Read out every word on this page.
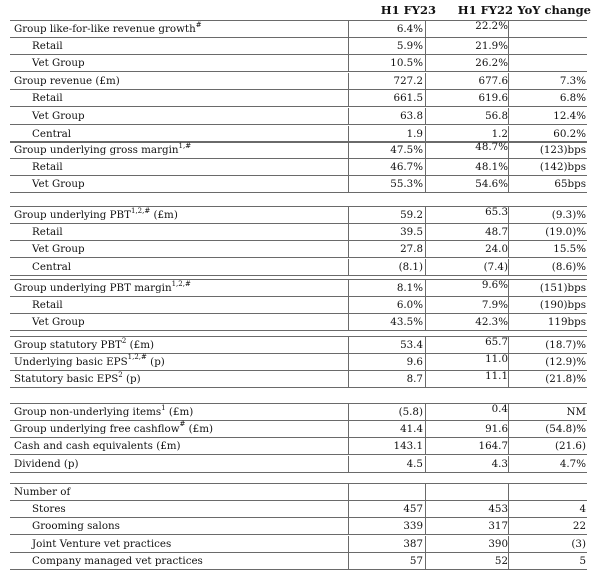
H1 FY23 H1 FY22 YoY change
Group like-for-like revenue growth#	6.4%	22.2%
Retail	5.9%	21.9%
Vet Group	10.5%	26.2%
Group revenue (£m)	727.2	677.6	7.3%
Retail	661.5	619.6	6.8%
Vet Group	63.8	56.8	12.4%
Central	1.9	1.2	60.2%
Group underlying gross margin$^{1,\#}$	47.5%	48.7%	(123)bps
Retail	46.7%	48.1%	(142)bps
Vet Group	55.3%	54.6%	65bps
Group underlying $PBT^{1,2,\#}$ (£m)	59.2	65.3	(9.3)%
Retail	39.5	48.7	(19.0)%
Vet Group	27.8	24.0	15.5%
Central	(8.1)	(7.4)	(8.6)%
Group underlying PBT margin$^{1,2,\#}$	8.1%	9.6%	(151)bps
Retail	6.0%	7.9%	(190)bps
Vet Group	43.5%	42.3%	119bps
Group statutory PBT$^2$ (£m)	53.4	65.7	(18.7)%
Underlying basic $EPS^{1,2,\#}$ (p)	9.6	11.0	(12.9)%
Statutory basic EPS$^2$ (p)	8.7	11.1	(21.8)%
Group non-underlying items$^1$ (£m)	(5.8)	0.4	NM
Group underlying free cashflow# (£m)	41.4	91.6	(54.8)%
Cash and cash equivalents (£m)	143.1	164.7	(21.6)
Dividend (p)	4.5	4.3	4.7%
Number of
Stores	457	453	4
Grooming salons	339	317	22
Joint Venture vet practices	387	390	(3)
Company managed vet practices	57	52	5
